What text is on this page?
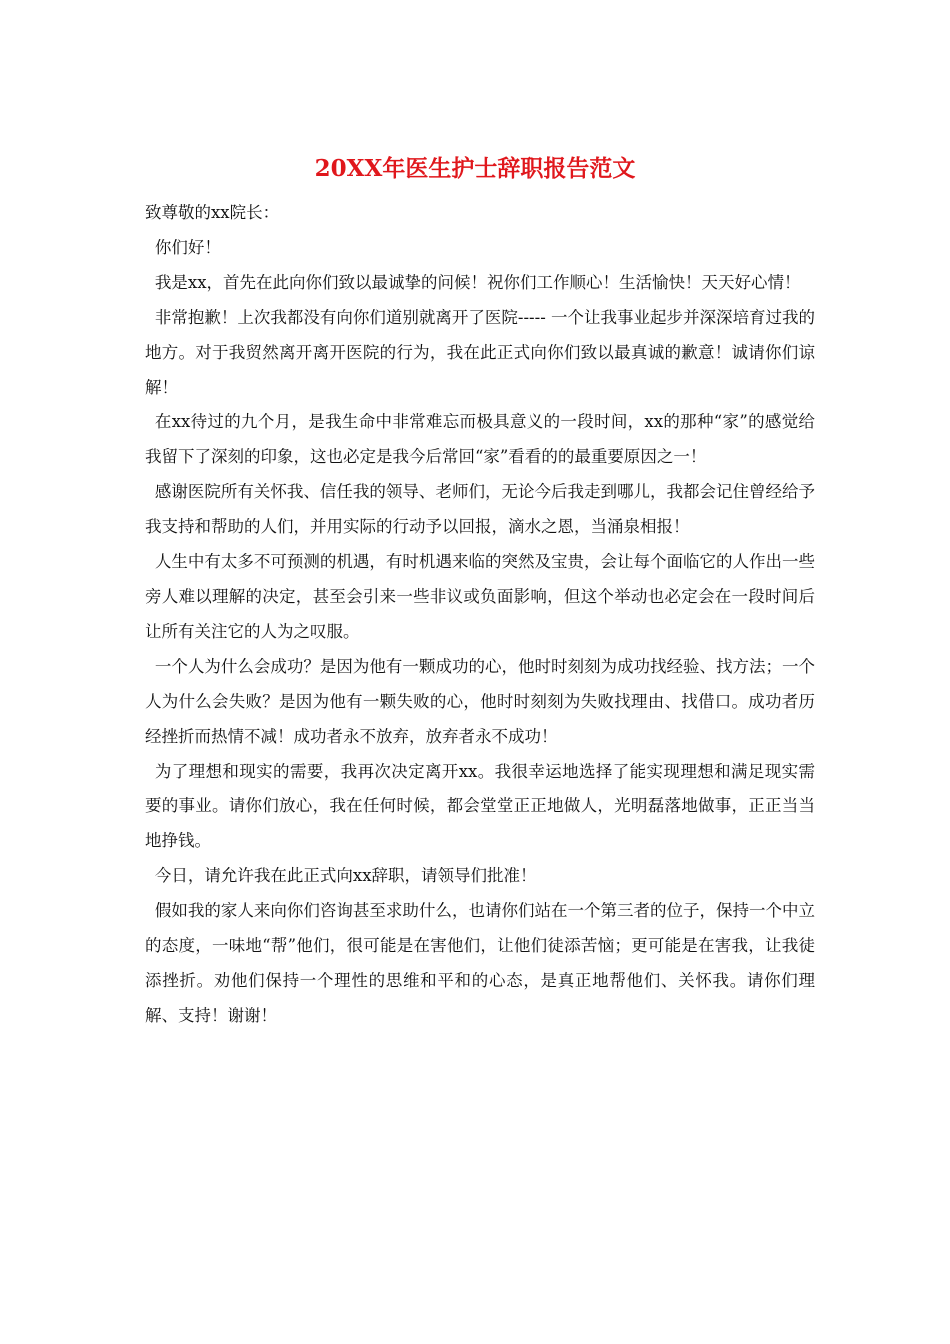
20XX年医生护士辞职报告范文

致尊敬的xx院长：

你们好！

我是xx，首先在此向你们致以最诚挚的问候！祝你们工作顺心！生活愉快！天天好心情！

非常抱歉！上次我都没有向你们道别就离开了医院----- 一个让我事业起步并深深培育过我的地方。对于我贸然离开离开医院的行为，我在此正式向你们致以最真诚的歉意！诚请你们谅解！

在xx待过的九个月，是我生命中非常难忘而极具意义的一段时间，xx的那种“家”的感觉给我留下了深刻的印象，这也必定是我今后常回“家”看看的的最重要原因之一！

感谢医院所有关怀我、信任我的领导、老师们，无论今后我走到哪儿，我都会记住曾经给予我支持和帮助的人们，并用实际的行动予以回报，滴水之恩，当涌泉相报！

人生中有太多不可预测的机遇，有时机遇来临的突然及宝贵，会让每个面临它的人作出一些旁人难以理解的决定，甚至会引来一些非议或负面影响，但这个举动也必定会在一段时间后让所有关注它的人为之叹服。

一个人为什么会成功？是因为他有一颗成功的心，他时时刻刻为成功找经验、找方法；一个人为什么会失败？是因为他有一颗失败的心，他时时刻刻为失败找理由、找借口。成功者历经挫折而热情不减！成功者永不放弃，放弃者永不成功！

为了理想和现实的需要，我再次决定离开xx。我很幸运地选择了能实现理想和满足现实需要的事业。请你们放心，我在任何时候，都会堂堂正正地做人，光明磊落地做事，正正当当地挣钱。

今日，请允许我在此正式向xx辞职，请领导们批准！

假如我的家人来向你们咨询甚至求助什么，也请你们站在一个第三者的位子，保持一个中立的态度，一味地“帮”他们，很可能是在害他们，让他们徒添苦恼；更可能是在害我，让我徒添挫折。劝他们保持一个理性的思维和平和的心态，是真正地帮他们、关怀我。请你们理解、支持！谢谢！
